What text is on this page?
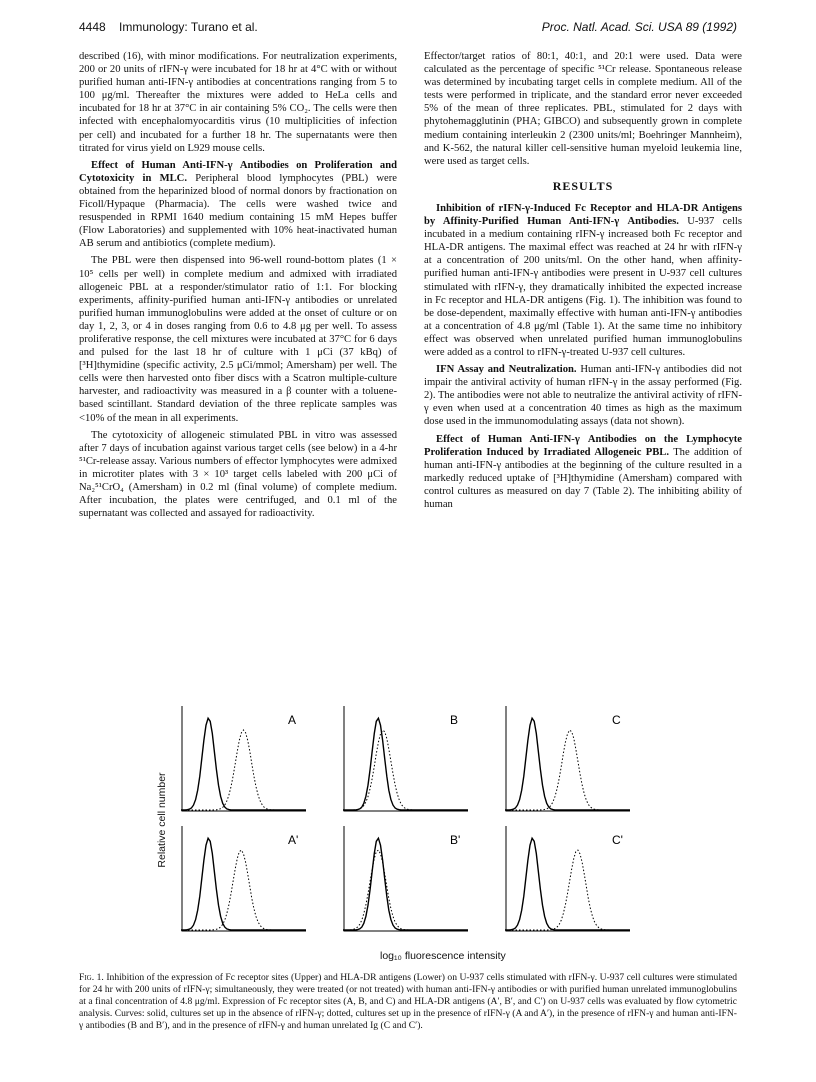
4448 Immunology: Turano et al.	Proc. Natl. Acad. Sci. USA 89 (1992)

described (16), with minor modifications. For neutralization experiments, 200 or 20 units of rIFN-γ were incubated for 18 hr at 4°C with or without purified human anti-IFN-γ antibodies at concentrations ranging from 5 to 100 μg/ml. Thereafter the mixtures were added to HeLa cells and incubated for 18 hr at 37°C in air containing 5% CO₂. The cells were then infected with encephalomyocarditis virus (10 multiplicities of infection per cell) and incubated for a further 18 hr. The supernatants were then titrated for virus yield on L929 mouse cells.

Effect of Human Anti-IFN-γ Antibodies on Proliferation and Cytotoxicity in MLC. Peripheral blood lymphocytes (PBL) were obtained from the heparinized blood of normal donors by fractionation on Ficoll/Hypaque (Pharmacia). The cells were washed twice and resuspended in RPMI 1640 medium containing 15 mM Hepes buffer (Flow Laboratories) and supplemented with 10% heat-inactivated human AB serum and antibiotics (complete medium).

The PBL were then dispensed into 96-well round-bottom plates (1 × 10⁵ cells per well) in complete medium and admixed with irradiated allogeneic PBL at a responder/stimulator ratio of 1:1. For blocking experiments, affinity-purified human anti-IFN-γ antibodies or unrelated purified human immunoglobulins were added at the onset of culture or on day 1, 2, 3, or 4 in doses ranging from 0.6 to 4.8 μg per well. To assess proliferative response, the cell mixtures were incubated at 37°C for 6 days and pulsed for the last 18 hr of culture with 1 μCi (37 kBq) of [³H]thymidine (specific activity, 2.5 μCi/mmol; Amersham) per well. The cells were then harvested onto fiber discs with a Scatron multiple-culture harvester, and radioactivity was measured in a β counter with a toluene-based scintillant. Standard deviation of the three replicate samples was <10% of the mean in all experiments.

The cytotoxicity of allogeneic stimulated PBL in vitro was assessed after 7 days of incubation against various target cells (see below) in a 4-hr ⁵¹Cr-release assay. Various numbers of effector lymphocytes were admixed in microtiter plates with 3 × 10³ target cells labeled with 200 μCi of Na₂⁵¹CrO₄ (Amersham) in 0.2 ml (final volume) of complete medium. After incubation, the plates were centrifuged, and 0.1 ml of the supernatant was collected and assayed for radioactivity.

Effector/target ratios of 80:1, 40:1, and 20:1 were used. Data were calculated as the percentage of specific ⁵¹Cr release. Spontaneous release was determined by incubating target cells in complete medium. All of the tests were performed in triplicate, and the standard error never exceeded 5% of the mean of three replicates. PBL, stimulated for 2 days with phytohemagglutinin (PHA; GIBCO) and subsequently grown in complete medium containing interleukin 2 (2300 units/ml; Boehringer Mannheim), and K-562, the natural killer cell-sensitive human myeloid leukemia line, were used as target cells.

RESULTS

Inhibition of rIFN-γ-Induced Fc Receptor and HLA-DR Antigens by Affinity-Purified Human Anti-IFN-γ Antibodies. U-937 cells incubated in a medium containing rIFN-γ increased both Fc receptor and HLA-DR antigens. The maximal effect was reached at 24 hr with rIFN-γ at a concentration of 200 units/ml. On the other hand, when affinity-purified human anti-IFN-γ antibodies were present in U-937 cell cultures stimulated with rIFN-γ, they dramatically inhibited the expected increase in Fc receptor and HLA-DR antigens (Fig. 1). The inhibition was found to be dose-dependent, maximally effective with human anti-IFN-γ antibodies at a concentration of 4.8 μg/ml (Table 1). At the same time no inhibitory effect was observed when unrelated purified human immunoglobulins were added as a control to rIFN-γ-treated U-937 cell cultures.

IFN Assay and Neutralization. Human anti-IFN-γ antibodies did not impair the antiviral activity of human rIFN-γ in the assay performed (Fig. 2). The antibodies were not able to neutralize the antiviral activity of rIFN-γ even when used at a concentration 40 times as high as the maximum dose used in the immunomodulating assays (data not shown).

Effect of Human Anti-IFN-γ Antibodies on the Lymphocyte Proliferation Induced by Irradiated Allogeneic PBL. The addition of human anti-IFN-γ antibodies at the beginning of the culture resulted in a markedly reduced uptake of [³H]thymidine (Amersham) compared with control cultures as measured on day 7 (Table 2). The inhibiting ability of human

Relative cell number
A	B	C
A'	B'	C'
log₁₀ fluorescence intensity
Fig. 1. Inhibition of the expression of Fc receptor sites (Upper) and HLA-DR antigens (Lower) on U-937 cells stimulated with rIFN-γ. U-937 cell cultures were stimulated for 24 hr with 200 units of rIFN-γ; simultaneously, they were treated (or not treated) with human anti-IFN-γ antibodies or with purified human unrelated immunoglobulins at a final concentration of 4.8 μg/ml. Expression of Fc receptor sites (A, B, and C) and HLA-DR antigens (A′, B′, and C′) on U-937 cells was evaluated by flow cytometric analysis. Curves: solid, cultures set up in the absence of rIFN-γ; dotted, cultures set up in the presence of rIFN-γ (A and A′), in the presence of rIFN-γ and human anti-IFN-γ antibodies (B and B′), and in the presence of rIFN-γ and human unrelated Ig (C and C′).
